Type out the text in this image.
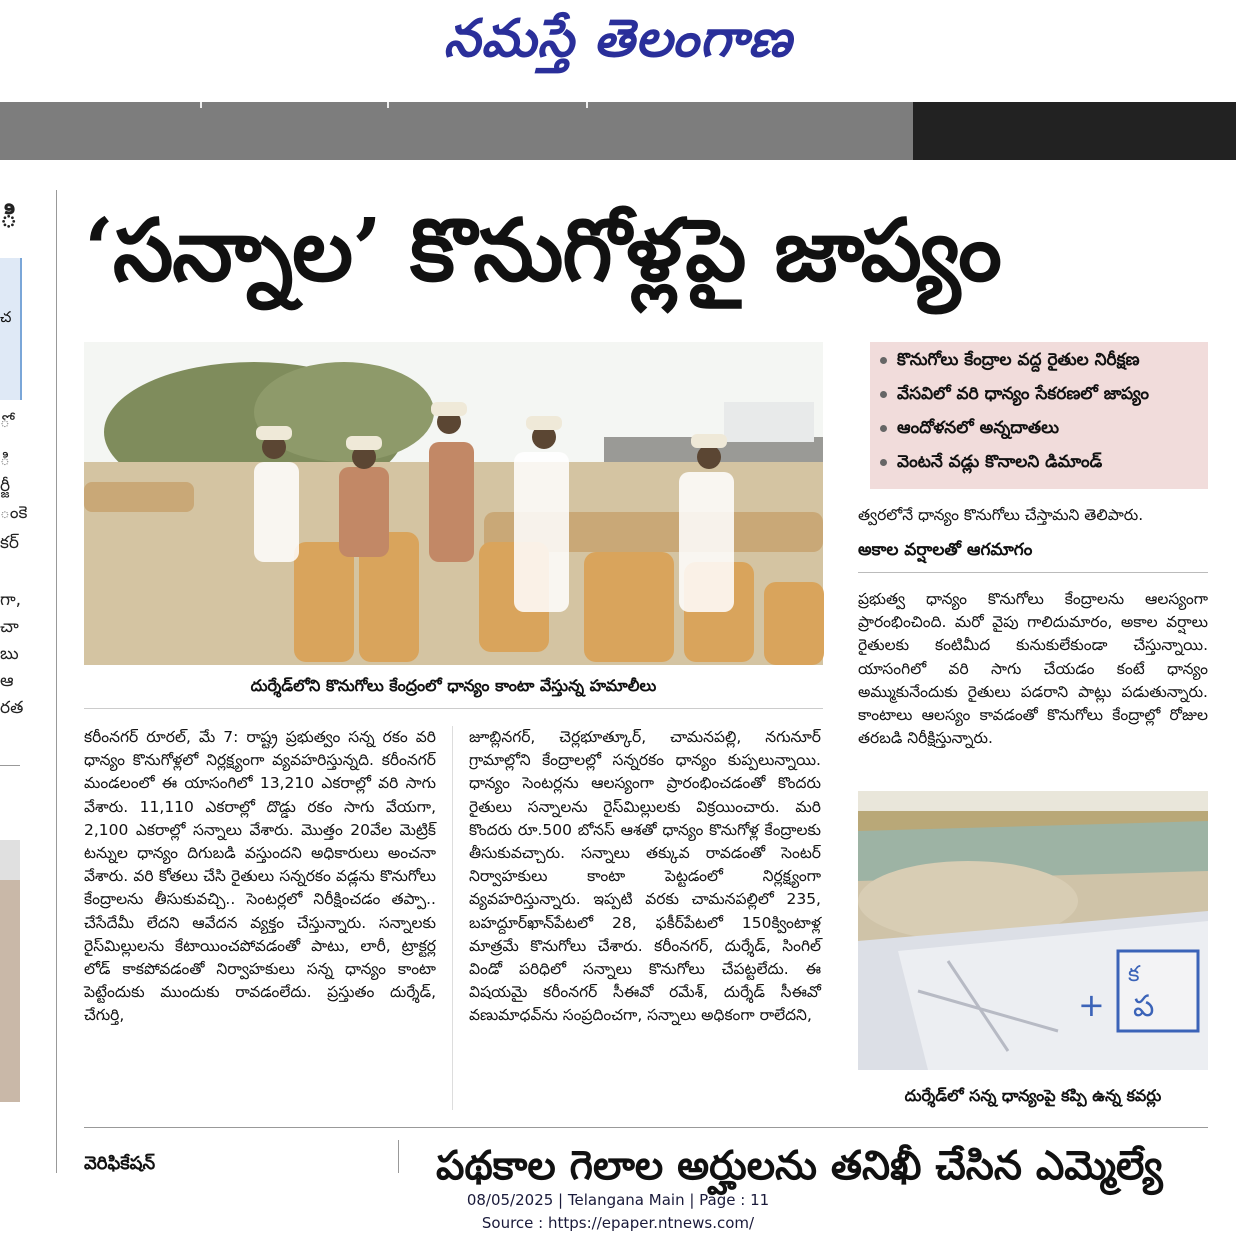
నమస్తే తెలంగాణ
ి
చ
ో
ి
ర్జీ
ంకె
కర్
గా,
చా
బు
ఆ
రత
‘సన్నాల’ కొనుగోళ్లపై జాప్యం
దుర్శేడ్‌లోని కొనుగోలు కేంద్రంలో ధాన్యం కాంటా వేస్తున్న హమాలీలు
కొనుగోలు కేంద్రాల వద్ద రైతుల నిరీక్షణ
వేసవిలో వరి ధాన్యం సేకరణలో జాప్యం
ఆందోళనలో అన్నదాతలు
వెంటనే వడ్లు కొనాలని డిమాండ్

కరీంనగర్ రూరల్, మే 7: రాష్ట్ర ప్రభుత్వం సన్న రకం వరి ధాన్యం కొనుగోళ్లలో నిర్లక్ష్యంగా వ్యవహరిస్తున్నది. కరీంనగర్ మండలంలో ఈ యాసంగిలో 13,210 ఎకరాల్లో వరి సాగు వేశారు. 11,110 ఎకరాల్లో దొడ్డు రకం సాగు వేయగా, 2,100 ఎకరాల్లో సన్నాలు వేశారు. మొత్తం 20వేల మెట్రిక్ టన్నుల ధాన్యం దిగుబడి వస్తుందని అధికారులు అంచనా వేశారు. వరి కోతలు చేసి రైతులు సన్నరకం వడ్లను కొనుగోలు కేంద్రాలను తీసుకువచ్చి.. సెంటర్లలో నిరీక్షించడం తప్పా.. చేసేదేమీ లేదని ఆవేదన వ్యక్తం చేస్తున్నారు. సన్నాలకు రైస్‌మిల్లులను కేటాయించపోవడంతో పాటు, లారీ, ట్రాక్టర్ల లోడ్ కాకపోవడంతో నిర్వాహకులు సన్న ధాన్యం కాంటా పెట్టేందుకు ముందుకు రావడంలేదు. ప్రస్తుతం దుర్శేడ్, చేగుర్తి,

జూబ్లినగర్, చెర్లభూత్కూర్, చామనపల్లి, నగునూర్ గ్రామాల్లోని కేంద్రాలల్లో సన్నరకం ధాన్యం కుప్పలున్నాయి. ధాన్యం సెంటర్లను ఆలస్యంగా ప్రారంభించడంతో కొందరు రైతులు సన్నాలను రైస్‌మిల్లులకు విక్రయించారు. మరి కొందరు రూ.500 బోనస్ ఆశతో ధాన్యం కొనుగోళ్ల కేంద్రాలకు తీసుకువచ్చారు. సన్నాలు తక్కువ రావడంతో సెంటర్ నిర్వాహకులు కాంటా పెట్టడంలో నిర్లక్ష్యంగా వ్యవహరిస్తున్నారు. ఇప్పటి వరకు చామనపల్లిలో 235, బహద్దూర్‌ఖాన్‌పేటలో 28, ఫకీర్‌పేటలో 150క్వింటాళ్ల మాత్రమే కొనుగోలు చేశారు. కరీంనగర్, దుర్శేడ్, సింగిల్ విండో పరిధిలో సన్నాలు కొనుగోలు చేపట్టలేదు. ఈ విషయమై కరీంనగర్ సీఈవో రమేశ్, దుర్శేడ్ సీఈవో వణుమాధవ్‌ను సంప్రదించగా, సన్నాలు అధికంగా రాలేదని,

త్వరలోనే ధాన్యం కొనుగోలు చేస్తామని తెలిపారు.

అకాల వర్షాలతో ఆగమాగం

ప్రభుత్వ ధాన్యం కొనుగోలు కేంద్రాలను ఆలస్యంగా ప్రారంభించింది. మరో వైపు గాలిదుమారం, అకాల వర్షాలు రైతులకు కంటిమీద కునుకులేకుండా చేస్తున్నాయి. యాసంగిలో వరి సాగు చేయడం కంటే ధాన్యం అమ్ముకునేందుకు రైతులు పడరాని పాట్లు పడుతున్నారు. కాంటాలు ఆలస్యం కావడంతో కొనుగోలు కేంద్రాల్లో రోజుల తరబడి నిరీక్షిస్తున్నారు.

క
ప
+
దుర్శేడ్‌లో సన్న ధాన్యంపై కప్పి ఉన్న కవర్లు
వెరిఫికేషన్	పథకాల గెలాల అర్హులను తనిఖీ చేసిన ఎమ్మెల్యే
08/05/2025 | Telangana Main | Page : 11
Source : https://epaper.ntnews.com/
